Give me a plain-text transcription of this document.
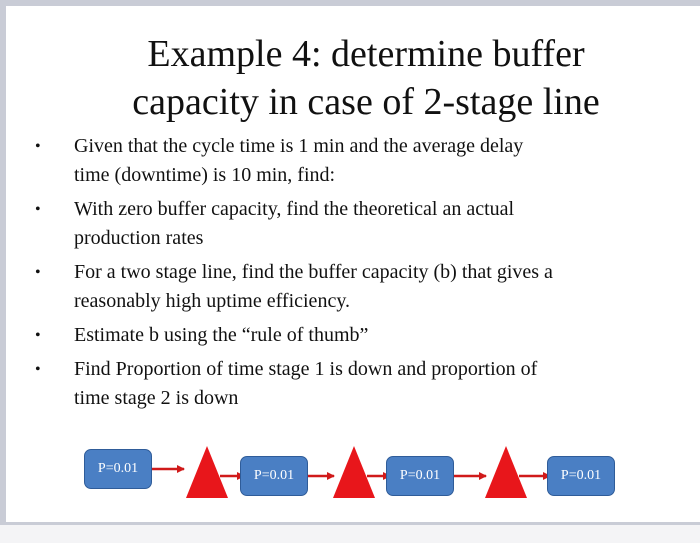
Example 4: determine buffer
capacity in case of 2-stage line
• Given that the cycle time is 1 min and the average delay time (downtime) is 10 min, find:
• With zero buffer capacity, find the theoretical an actual production rates
• For a two stage line, find the buffer capacity (b) that gives a reasonably high uptime efficiency.
• Estimate b using the “rule of thumb”
• Find Proportion of time stage 1 is down and proportion of time stage 2 is down
P=0.01	P=0.01	P=0.01	P=0.01
